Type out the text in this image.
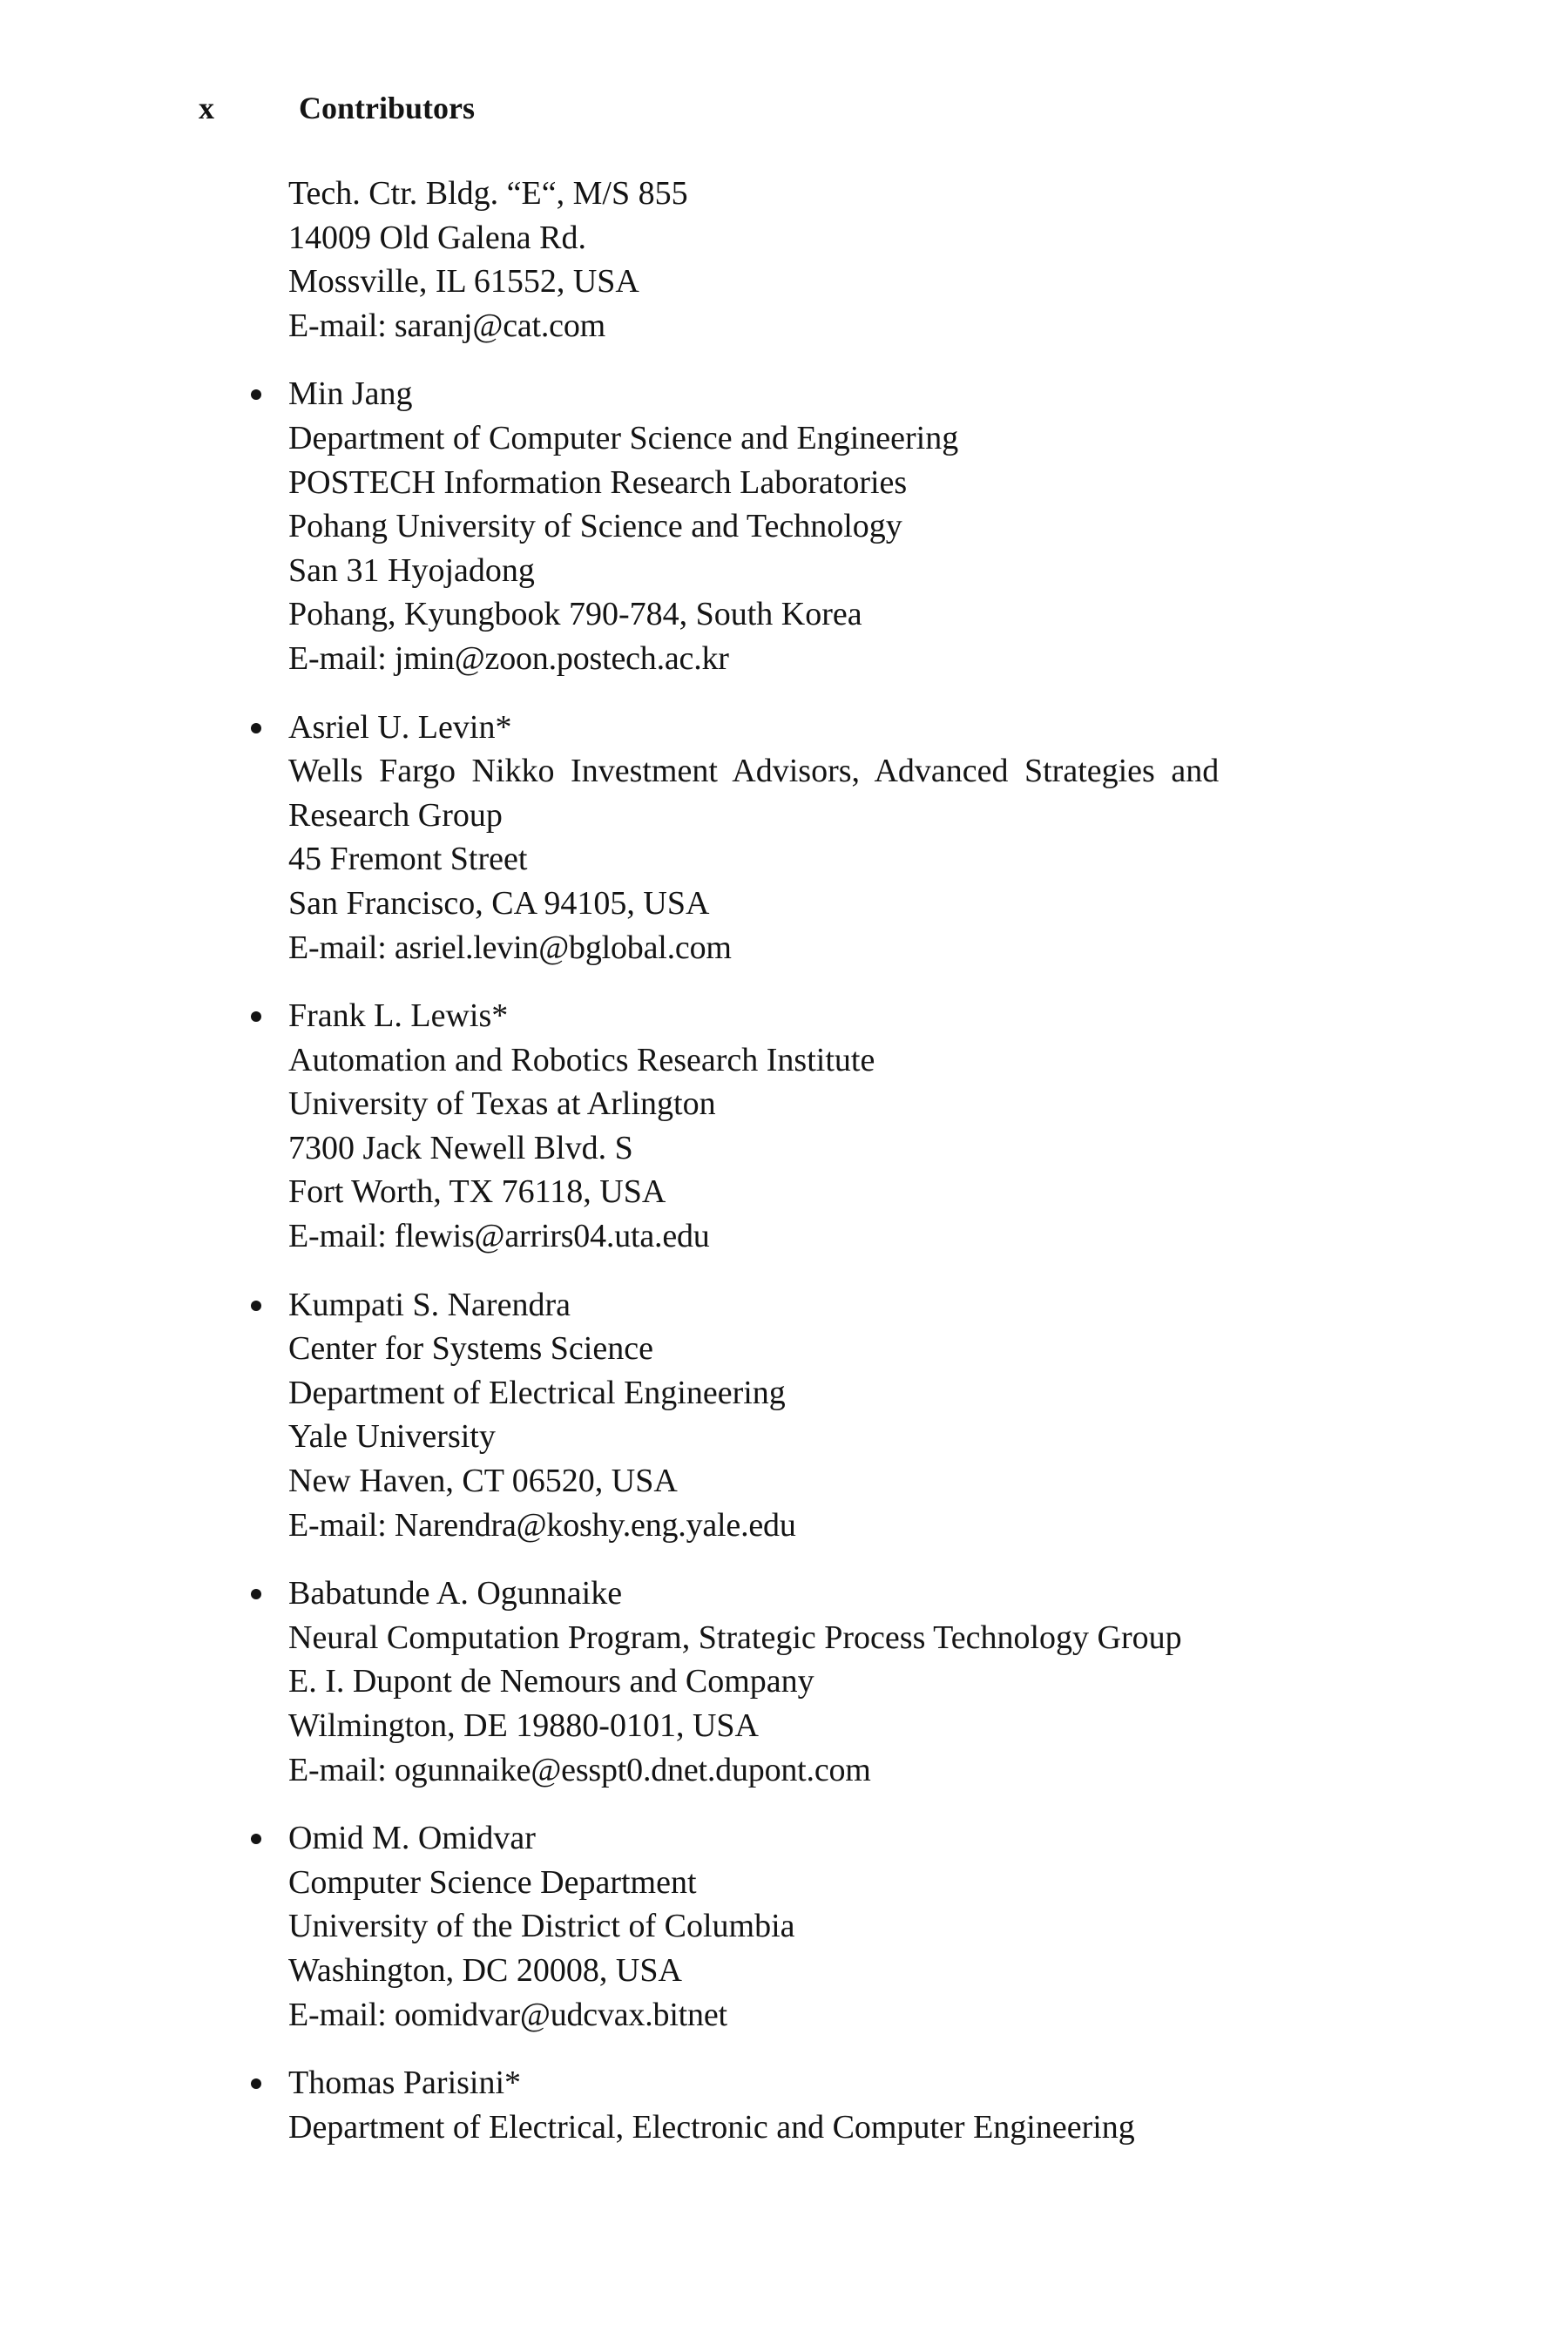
x	Contributors
Tech. Ctr. Bldg. “E“, M/S 855
14009 Old Galena Rd.
Mossville, IL 61552, USA
E-mail: saranj@cat.com
Min Jang
Department of Computer Science and Engineering
POSTECH Information Research Laboratories
Pohang University of Science and Technology
San 31 Hyojadong
Pohang, Kyungbook 790-784, South Korea
E-mail: jmin@zoon.postech.ac.kr
Asriel U. Levin*
Wells Fargo Nikko Investment Advisors, Advanced Strategies and
Research Group
45 Fremont Street
San Francisco, CA 94105, USA
E-mail: asriel.levin@bglobal.com
Frank L. Lewis*
Automation and Robotics Research Institute
University of Texas at Arlington
7300 Jack Newell Blvd. S
Fort Worth, TX 76118, USA
E-mail: flewis@arrirs04.uta.edu
Kumpati S. Narendra
Center for Systems Science
Department of Electrical Engineering
Yale University
New Haven, CT 06520, USA
E-mail: Narendra@koshy.eng.yale.edu
Babatunde A. Ogunnaike
Neural Computation Program, Strategic Process Technology Group
E. I. Dupont de Nemours and Company
Wilmington, DE 19880-0101, USA
E-mail: ogunnaike@esspt0.dnet.dupont.com
Omid M. Omidvar
Computer Science Department
University of the District of Columbia
Washington, DC 20008, USA
E-mail: oomidvar@udcvax.bitnet
Thomas Parisini*
Department of Electrical, Electronic and Computer Engineering
